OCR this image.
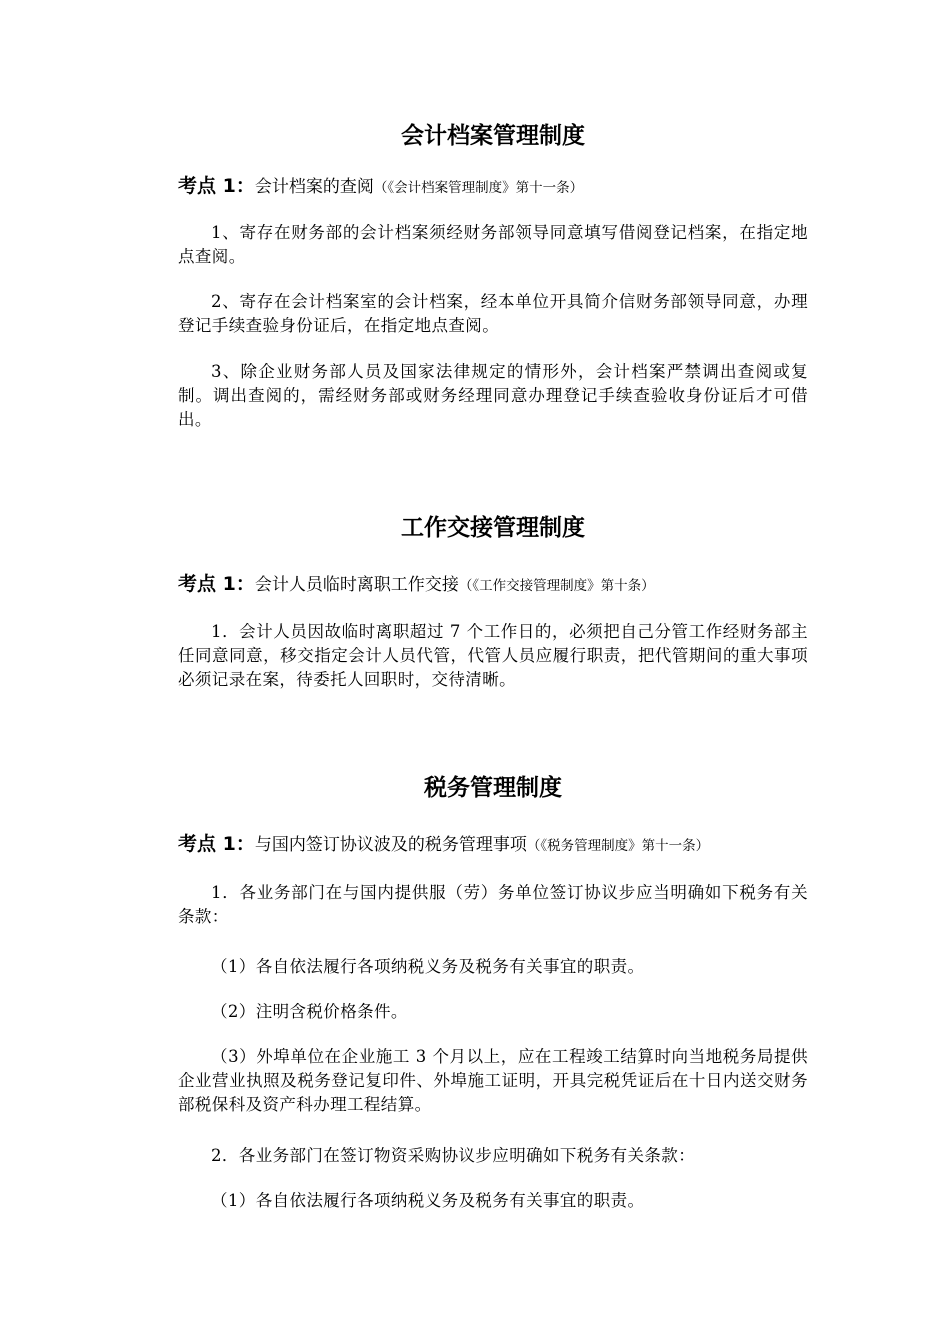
会计档案管理制度

考点 1：会计档案的查阅（《会计档案管理制度》第十一条）

1、寄存在财务部的会计档案须经财务部领导同意填写借阅登记档案，在指定地点查阅。

2、寄存在会计档案室的会计档案，经本单位开具简介信财务部领导同意，办理登记手续查验身份证后，在指定地点查阅。

3、除企业财务部人员及国家法律规定的情形外，会计档案严禁调出查阅或复制。调出查阅的，需经财务部或财务经理同意办理登记手续查验收身份证后才可借出。

工作交接管理制度

考点 1：会计人员临时离职工作交接（《工作交接管理制度》第十条）

1．会计人员因故临时离职超过 7 个工作日的，必须把自己分管工作经财务部主任同意同意，移交指定会计人员代管，代管人员应履行职责，把代管期间的重大事项必须记录在案，待委托人回职时，交待清晰。

税务管理制度

考点 1：与国内签订协议波及的税务管理事项（《税务管理制度》第十一条）

1．各业务部门在与国内提供服（劳）务单位签订协议步应当明确如下税务有关条款：

（1）各自依法履行各项纳税义务及税务有关事宜的职责。

（2）注明含税价格条件。

（3）外埠单位在企业施工 3 个月以上，应在工程竣工结算时向当地税务局提供企业营业执照及税务登记复印件、外埠施工证明，开具完税凭证后在十日内送交财务部税保科及资产科办理工程结算。

2．各业务部门在签订物资采购协议步应明确如下税务有关条款：

（1）各自依法履行各项纳税义务及税务有关事宜的职责。
